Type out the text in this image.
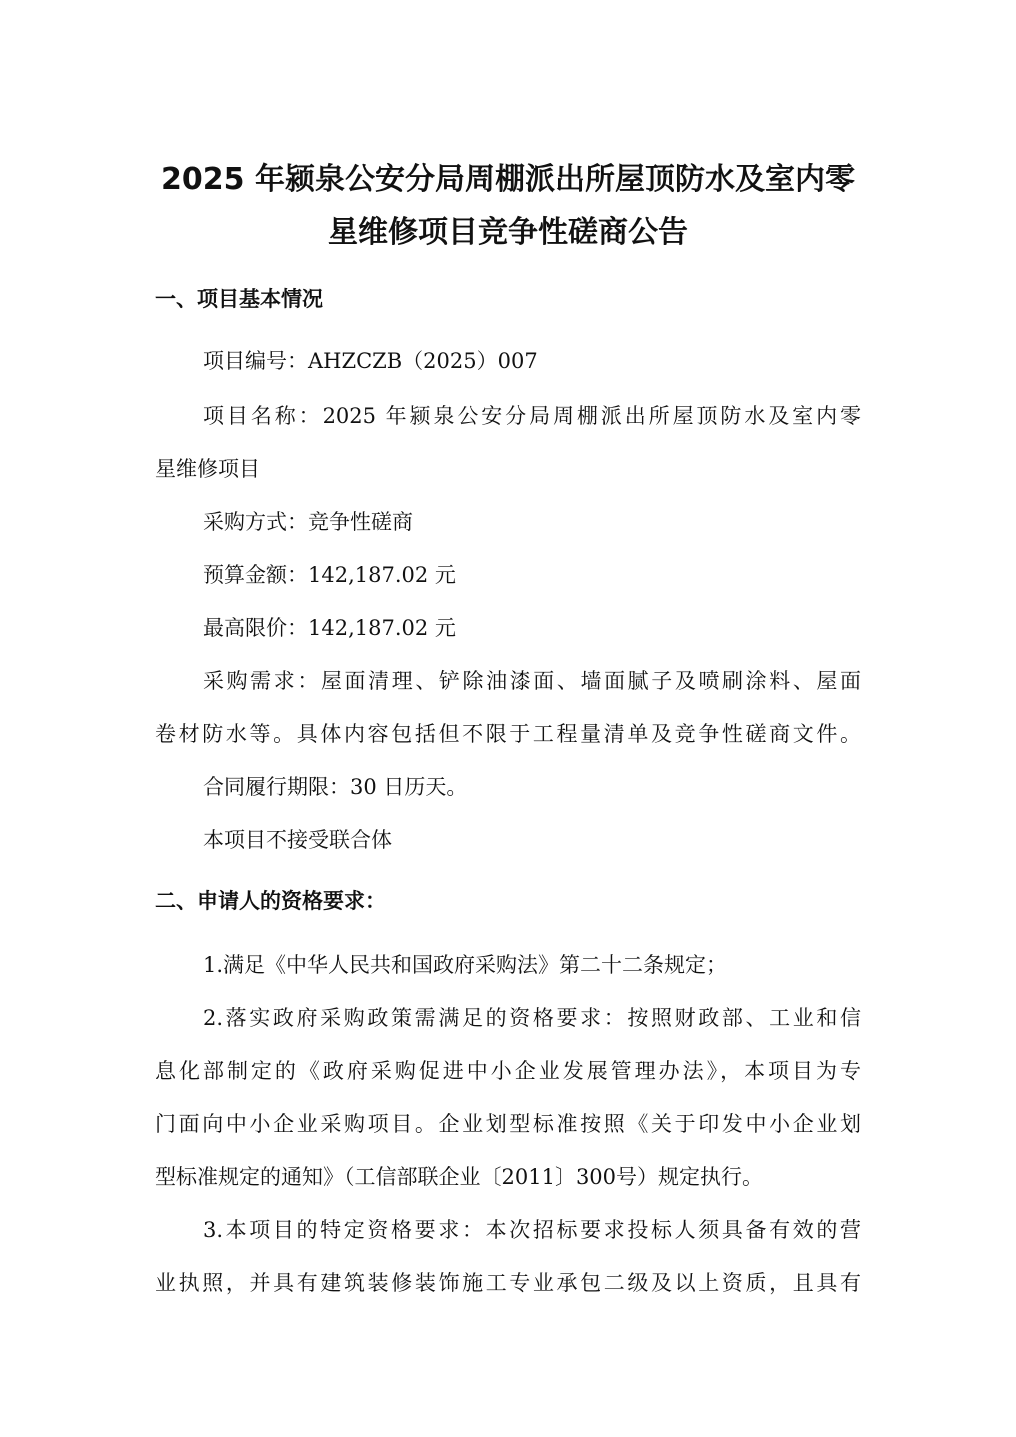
2025 年颍泉公安分局周棚派出所屋顶防水及室内零
星维修项目竞争性磋商公告
一、项目基本情况
项目编号：AHZCZB（2025）007
项目名称：2025 年颍泉公安分局周棚派出所屋顶防水及室内零
星维修项目
采购方式：竞争性磋商
预算金额：142,187.02 元
最高限价：142,187.02 元
采购需求：屋面清理、铲除油漆面、墙面腻子及喷刷涂料、屋面
卷材防水等。具体内容包括但不限于工程量清单及竞争性磋商文件。
合同履行期限：30 日历天。
本项目不接受联合体
二、申请人的资格要求：
1.满足《中华人民共和国政府采购法》第二十二条规定；
2.落实政府采购政策需满足的资格要求：按照财政部、工业和信
息化部制定的《政府采购促进中小企业发展管理办法》，本项目为专
门面向中小企业采购项目。企业划型标准按照《关于印发中小企业划
型标准规定的通知》（工信部联企业〔2011〕300号）规定执行。
3.本项目的特定资格要求：本次招标要求投标人须具备有效的营
业执照，并具有建筑装修装饰施工专业承包二级及以上资质，且具有
